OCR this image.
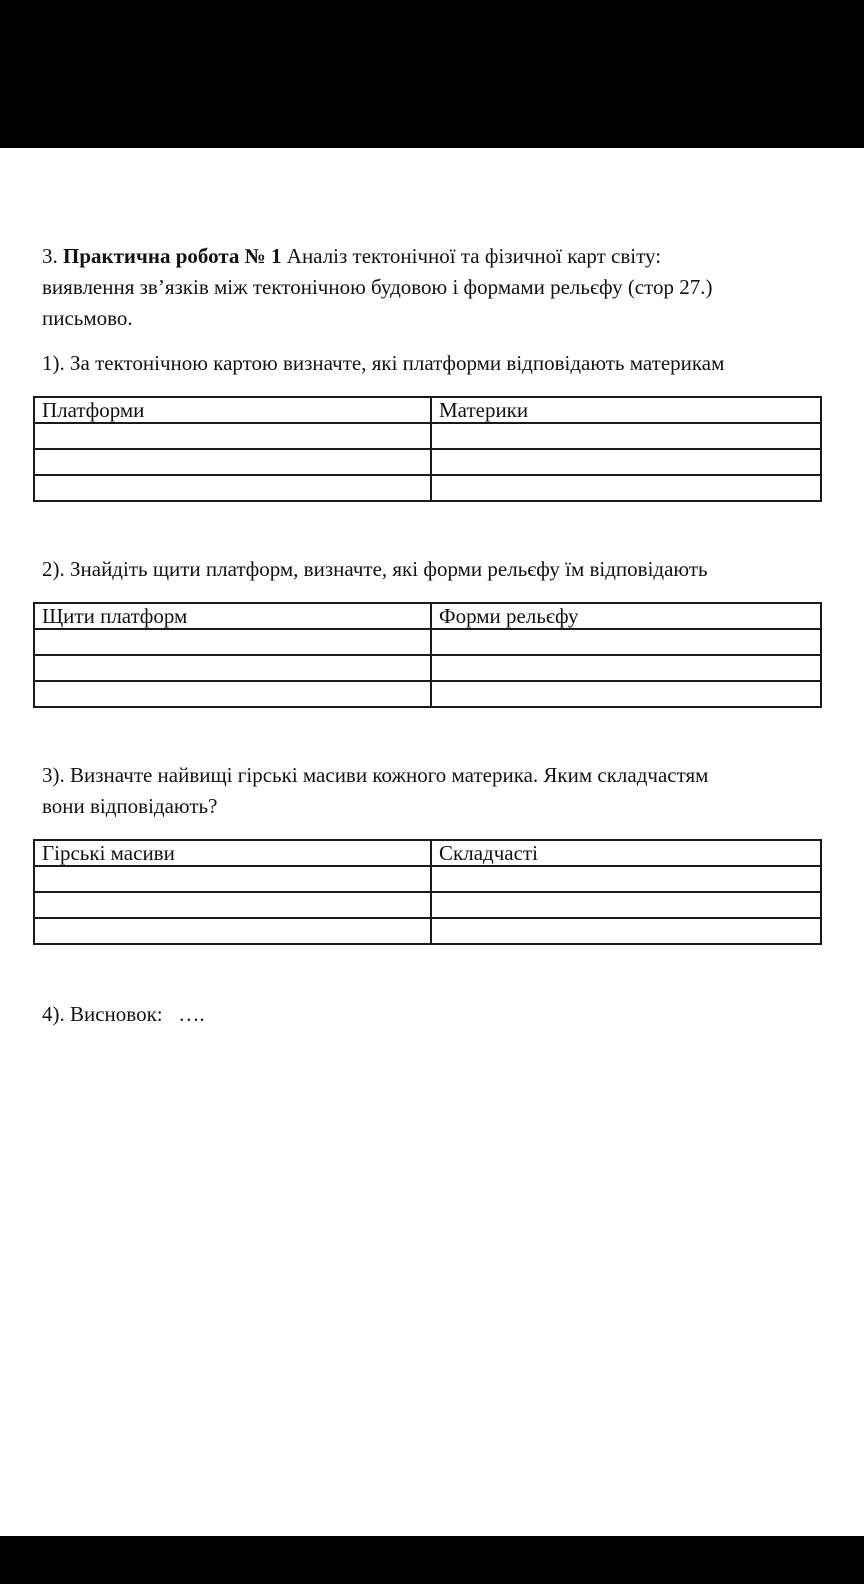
3. Практична робота № 1 Аналіз тектонічної та фізичної карт світу:
виявлення зв’язків між тектонічною будовою і формами рельєфу (стор 27.)
письмово.

1). За тектонічною картою визначте, які платформи відповідають материкам

Платформи	Материки

2). Знайдіть щити платформ, визначте, які форми рельєфу їм відповідають

Щити платформ	Форми рельєфу

3). Визначте найвищі гірські масиви кожного материка. Яким складчастям
вони відповідають?

Гірські масиви	Складчасті

4). Висновок:   ….
